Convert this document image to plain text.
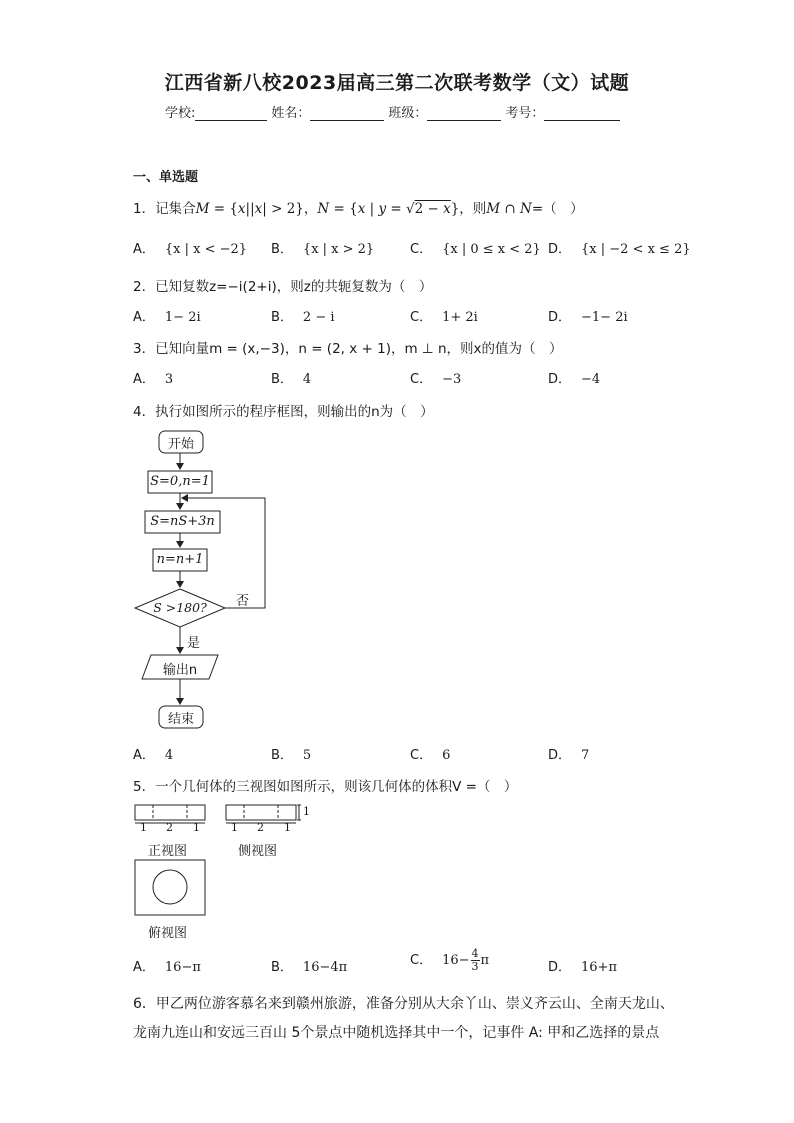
江西省新八校2023届高三第二次联考数学（文）试题
学校:	姓名：	班级：	考号：
一、单选题
1．记集合M = {x||x| > 2}，N = {x | y = √2 − x}，则M ∩ N=（　）
A． {x | x < −2} B． {x | x > 2}	C． {x | 0 ≤ x < 2} D． {x | −2 < x ≤ 2}
2．已知复数z=−i(2+i)，则z的共轭复数为（　）
A． 1− 2i	B． 2 − i	C． 1+ 2i	D． −1− 2i
3．已知向量m = (x,−3)，n = (2, x + 1)，m ⊥ n，则x的值为（　）
A． 3	B． 4	C． −3	D． −4
4．执行如图所示的程序框图，则输出的n为（　）
开始
S=0,n=1
S=nS+3n
n=n+1
S >180?	否
是
输出n
结束
A． 4	B． 5	C． 6	D． 7
5．一个几何体的三视图如图所示，则该几何体的体积V =（　）
1 2 1	1 2 1
1
正视图	侧视图
俯视图
A． 16−π	B． 16−4π	C． $16- \frac{4}{3}$ π	D． 16+π
6．甲乙两位游客慕名来到赣州旅游，准备分别从大余丫山、崇义齐云山、全南天龙山、
龙南九连山和安远三百山 5个景点中随机选择其中一个，记事件 A: 甲和乙选择的景点
